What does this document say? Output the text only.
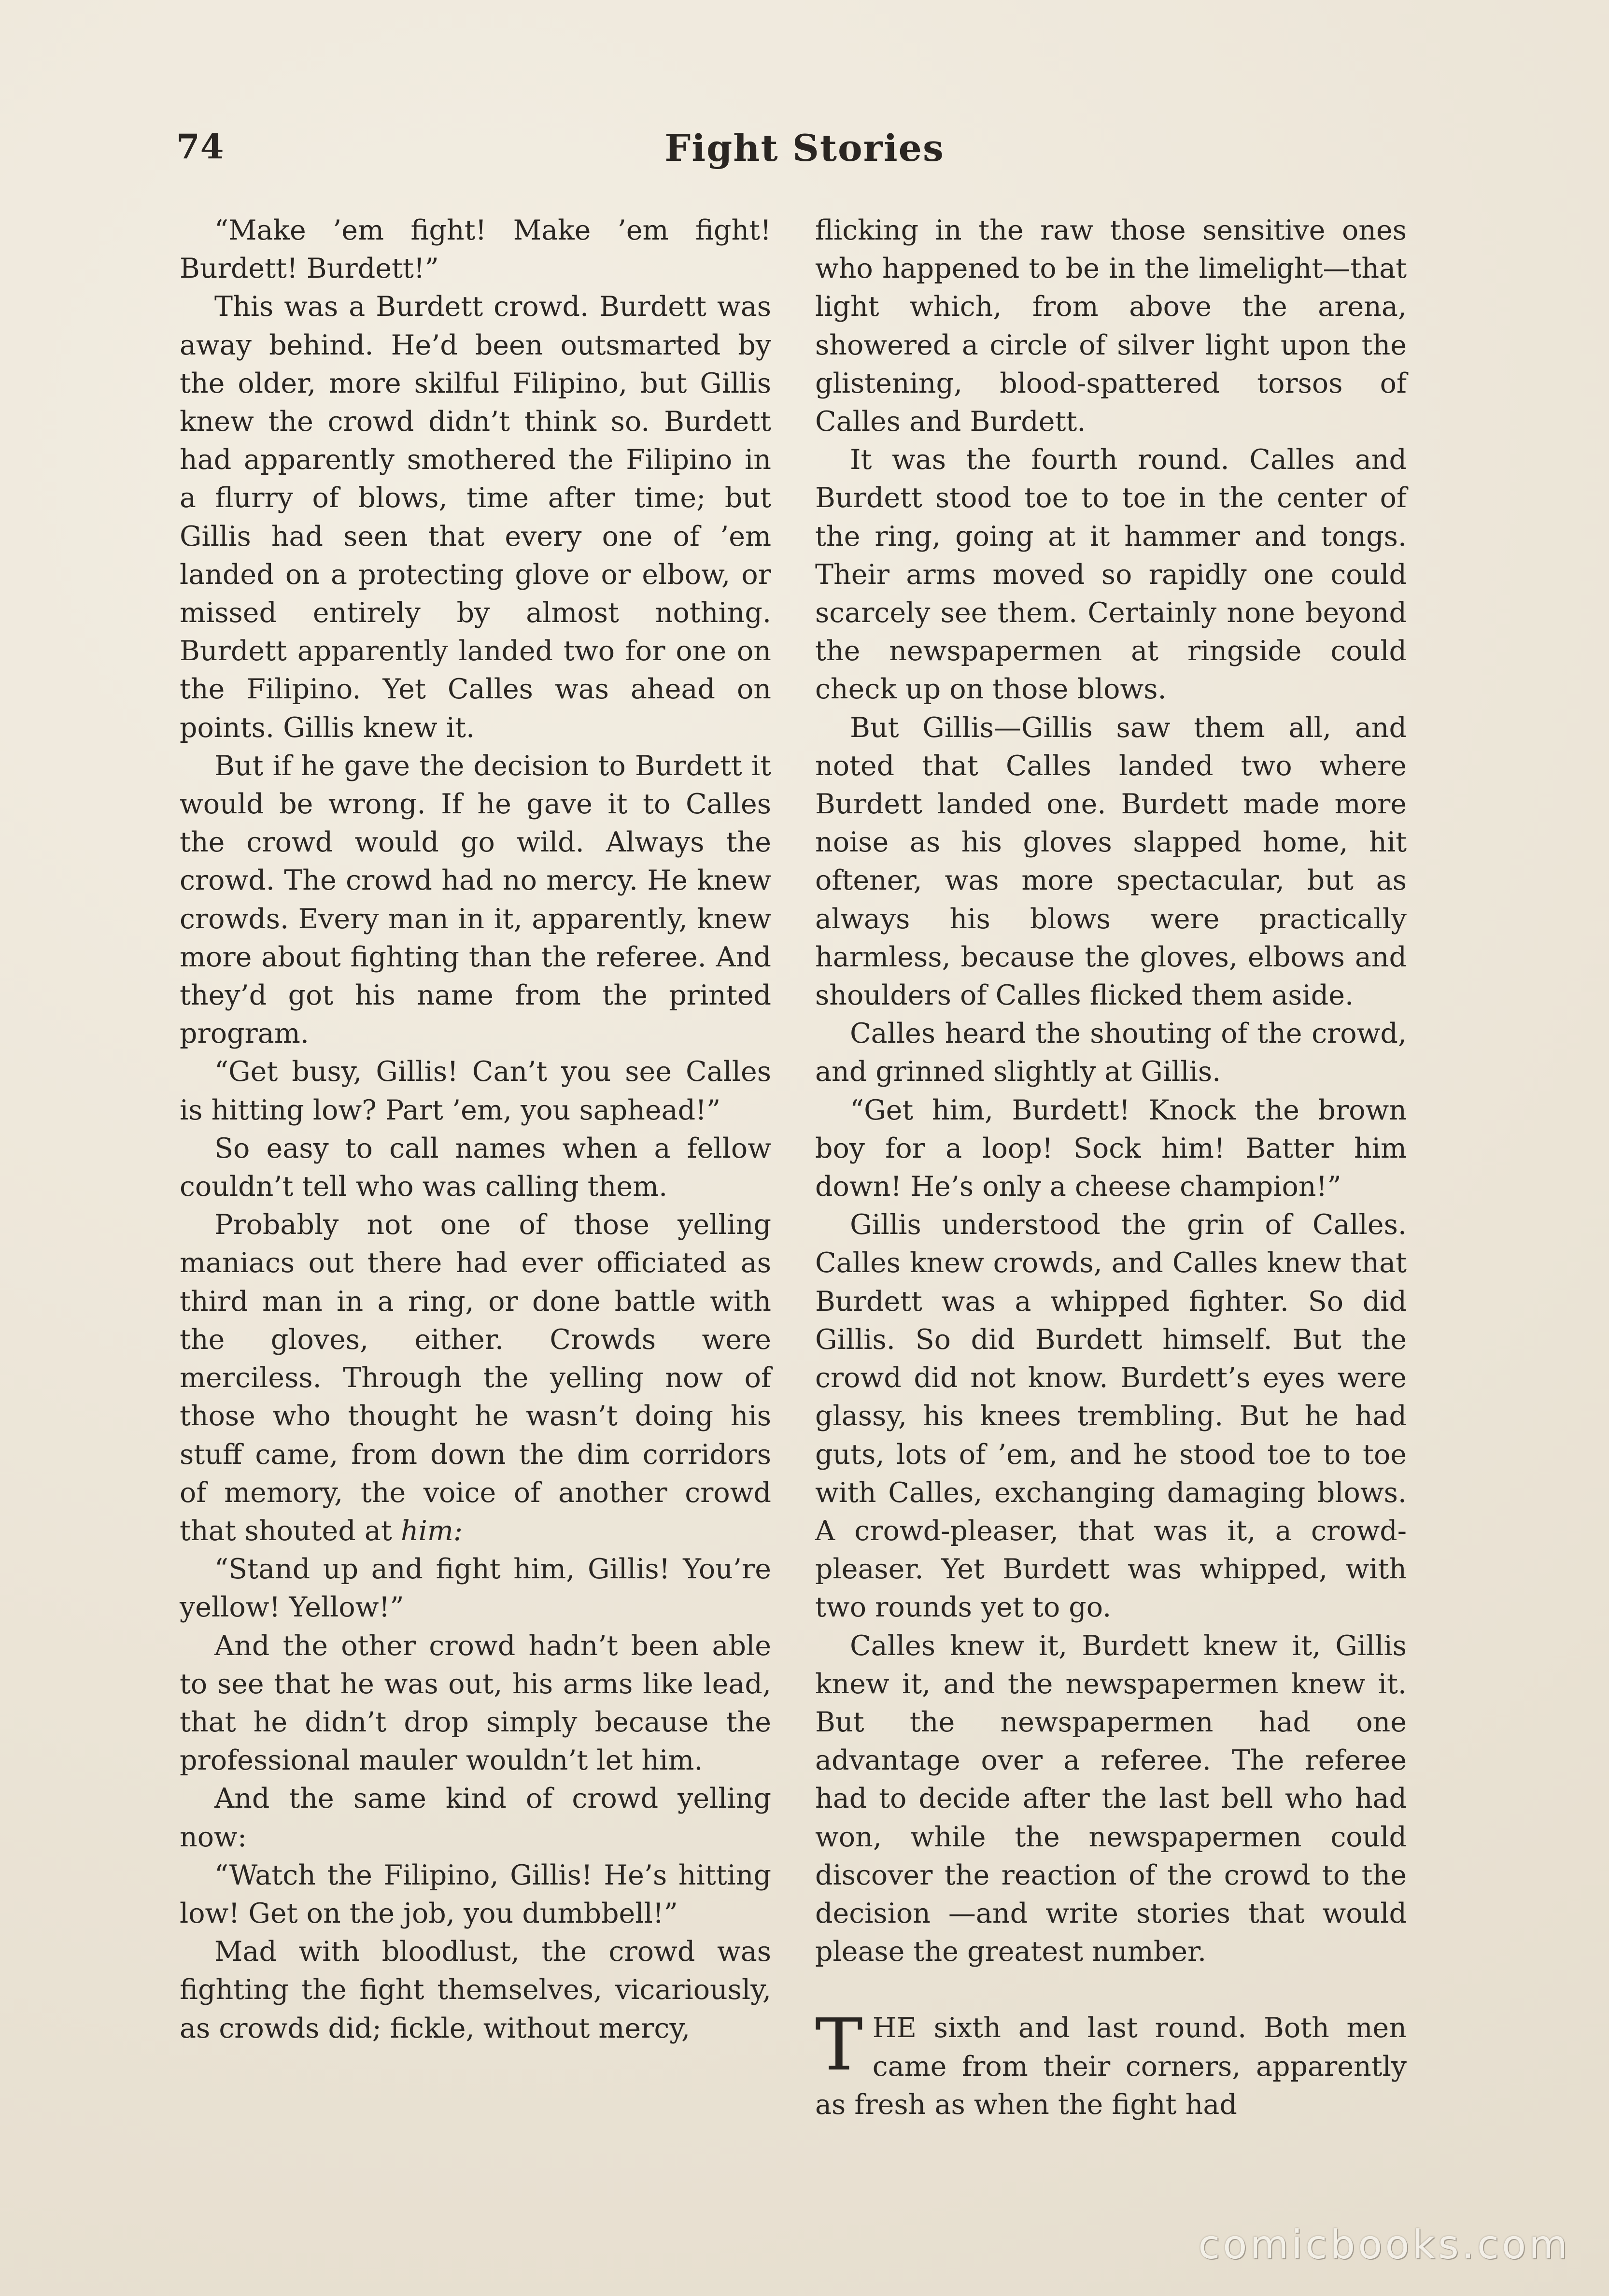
74	Fight Stories

“Make ’em fight! Make ’em fight! Burdett! Burdett!”

This was a Burdett crowd. Burdett was away behind. He’d been outsmarted by the older, more skilful Filipino, but Gillis knew the crowd didn’t think so. Burdett had apparently smothered the Filipino in a flurry of blows, time after time; but Gillis had seen that every one of ’em landed on a protecting glove or elbow, or missed entirely by almost nothing. Burdett apparently landed two for one on the Filipino. Yet Calles was ahead on points. Gillis knew it.

But if he gave the decision to Burdett it would be wrong. If he gave it to Calles the crowd would go wild. Always the crowd. The crowd had no mercy. He knew crowds. Every man in it, apparently, knew more about fighting than the referee. And they’d got his name from the printed program.

“Get busy, Gillis! Can’t you see Calles is hitting low? Part ’em, you saphead!”

So easy to call names when a fellow couldn’t tell who was calling them.

Probably not one of those yelling maniacs out there had ever officiated as third man in a ring, or done battle with the gloves, either. Crowds were merciless. Through the yelling now of those who thought he wasn’t doing his stuff came, from down the dim corridors of memory, the voice of another crowd that shouted at him:

“Stand up and fight him, Gillis! You’re yellow! Yellow!”

And the other crowd hadn’t been able to see that he was out, his arms like lead, that he didn’t drop simply because the professional mauler wouldn’t let him.

And the same kind of crowd yelling now:

“Watch the Filipino, Gillis! He’s hitting low! Get on the job, you dumbbell!”

Mad with bloodlust, the crowd was fighting the fight themselves, vicariously, as crowds did; fickle, without mercy,

flicking in the raw those sensitive ones who happened to be in the limelight—that light which, from above the arena, showered a circle of silver light upon the glistening, blood-spattered torsos of Calles and Burdett.

It was the fourth round. Calles and Burdett stood toe to toe in the center of the ring, going at it hammer and tongs. Their arms moved so rapidly one could scarcely see them. Certainly none beyond the newspapermen at ringside could check up on those blows.

But Gillis—Gillis saw them all, and noted that Calles landed two where Burdett landed one. Burdett made more noise as his gloves slapped home, hit oftener, was more spectacular, but as always his blows were practically harmless, because the gloves, elbows and shoulders of Calles flicked them aside.

Calles heard the shouting of the crowd, and grinned slightly at Gillis.

“Get him, Burdett! Knock the brown boy for a loop! Sock him! Batter him down! He’s only a cheese champion!”

Gillis understood the grin of Calles. Calles knew crowds, and Calles knew that Burdett was a whipped fighter. So did Gillis. So did Burdett himself. But the crowd did not know. Burdett’s eyes were glassy, his knees trembling. But he had guts, lots of ’em, and he stood toe to toe with Calles, exchanging damaging blows. A crowd-pleaser, that was it, a crowd-pleaser. Yet Burdett was whipped, with two rounds yet to go.

Calles knew it, Burdett knew it, Gillis knew it, and the newspapermen knew it. But the newspapermen had one advantage over a referee. The referee had to decide after the last bell who had won, while the newspapermen could discover the reaction of the crowd to the decision —and write stories that would please the greatest number.

THE sixth and last round. Both men came from their corners, apparently as fresh as when the fight had

comicbooks.com
